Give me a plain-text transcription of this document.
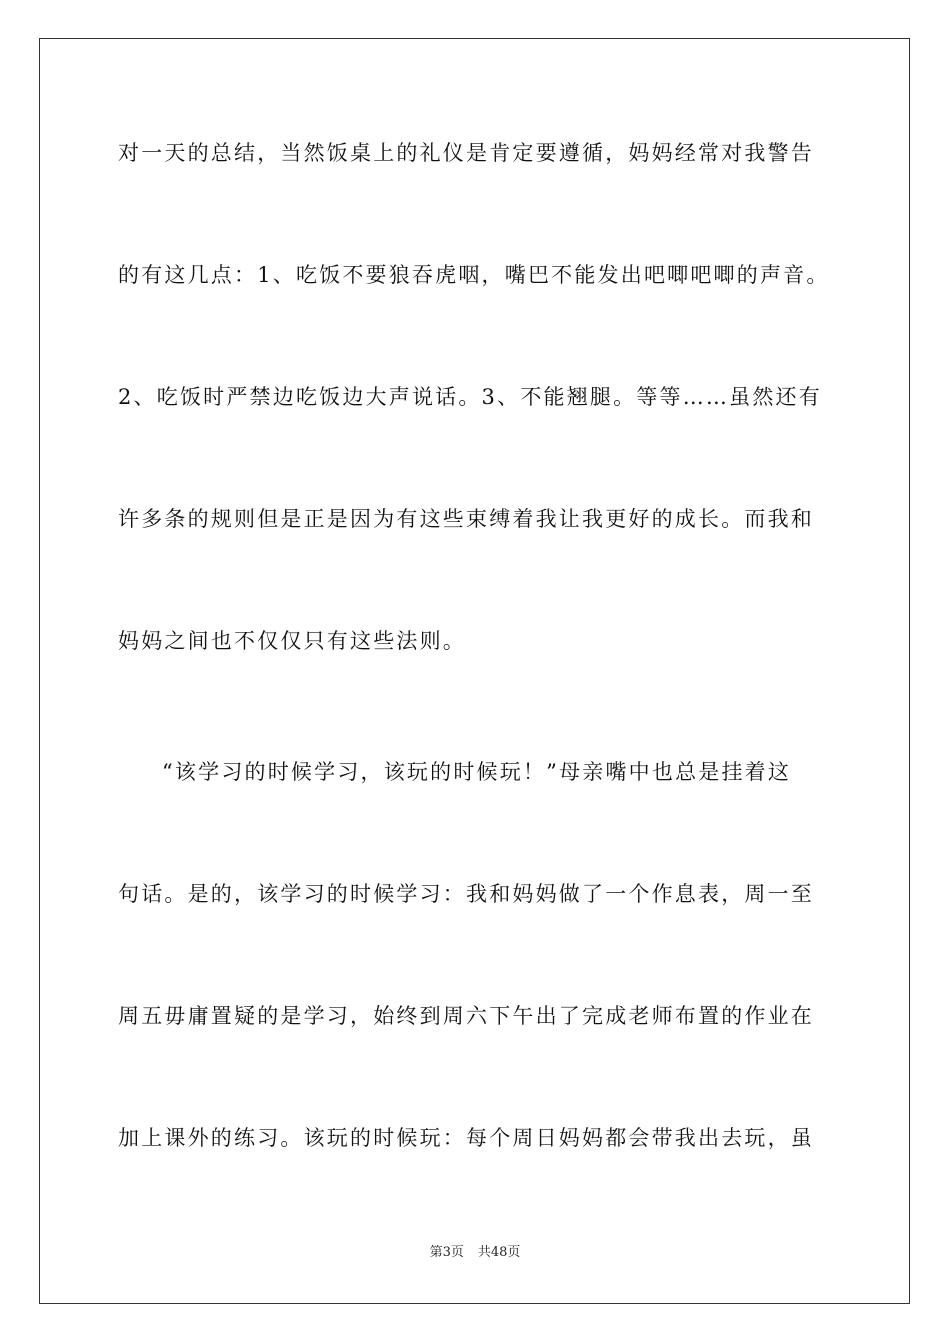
对一天的总结，当然饭桌上的礼仪是肯定要遵循，妈妈经常对我警告
的有这几点：1、吃饭不要狼吞虎咽，嘴巴不能发出吧唧吧唧的声音。
2、吃饭时严禁边吃饭边大声说话。3、不能翘腿。等等……虽然还有
许多条的规则但是正是因为有这些束缚着我让我更好的成长。而我和
妈妈之间也不仅仅只有这些法则。
“该学习的时候学习，该玩的时候玩！”母亲嘴中也总是挂着这
句话。是的，该学习的时候学习：我和妈妈做了一个作息表，周一至
周五毋庸置疑的是学习，始终到周六下午出了完成老师布置的作业在
加上课外的练习。该玩的时候玩：每个周日妈妈都会带我出去玩，虽
第3页 共48页
